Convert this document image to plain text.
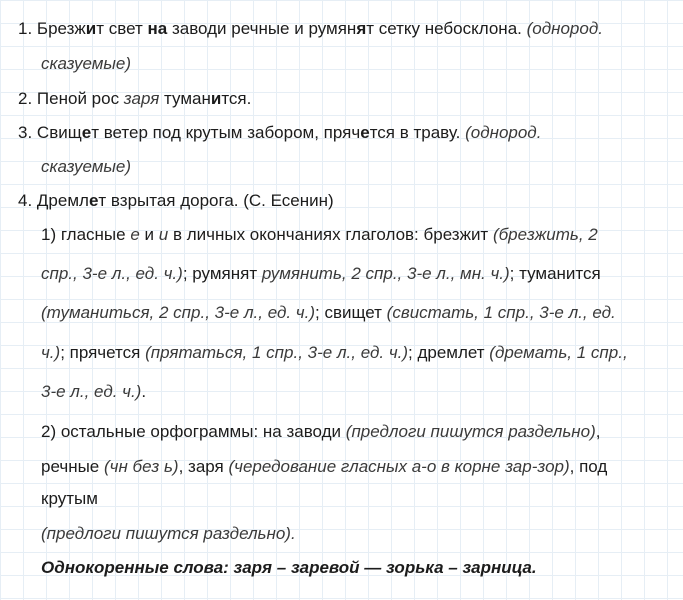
1. Брезжит свет на заводи речные и румянят сетку небосклона. (однород.
сказуемые)
2. Пеной рос заря туманится.
3. Свищет ветер под крутым забором, прячется в траву. (однород.
сказуемые)
4. Дремлет взрытая дорога. (С. Есенин)
1) гласные е и и в личных окончаниях глаголов: брезжит (брезжить, 2
спр., 3-е л., ед. ч.); румянят румянить, 2 спр., 3-е л., мн. ч.); туманится
(туманиться, 2 спр., 3-е л., ед. ч.); свищет (свистать, 1 спр., 3-е л., ед.
ч.); прячется (прятаться, 1 спр., 3-е л., ед. ч.); дремлет (дремать, 1 спр.,
3-е л., ед. ч.).
2) остальные орфограммы: на заводи (предлоги пишутся раздельно),
речные (чн без ь), заря (чередование гласных а-о в корне зар-зор), под
крутым
(предлоги пишутся раздельно).
Однокоренные слова: заря – заревой — зорька – зарница.
